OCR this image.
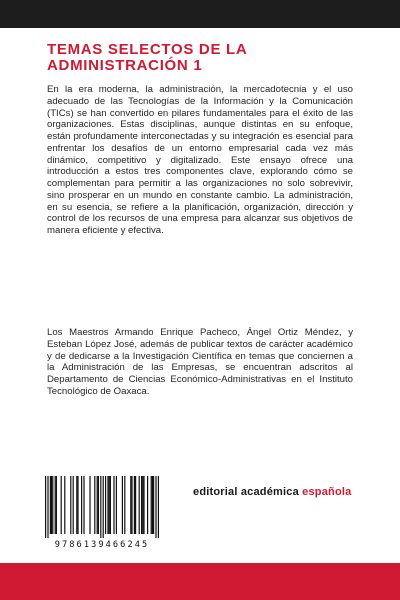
TEMAS SELECTOS DE LA
ADMINISTRACIÓN 1

En la era moderna, la administración, la mercadotecnia y el uso adecuado de las Tecnologías de la Información y la Comunicación (TICs) se han convertido en pilares fundamentales para el éxito de las organizaciones. Estas disciplinas, aunque distintas en su enfoque, están profundamente interconectadas y su integración es esencial para enfrentar los desafíos de un entorno empresarial cada vez más dinámico, competitivo y digitalizado. Este ensayo ofrece una introducción a estos tres componentes clave, explorando cómo se complementan para permitir a las organizaciones no solo sobrevivir, sino prosperar en un mundo en constante cambio. La administración, en su esencia, se refiere a la planificación, organización, dirección y control de los recursos de una empresa para alcanzar sus objetivos de manera eficiente y efectiva.

Los Maestros Armando Enrique Pacheco, Ángel Ortiz Méndez, y Esteban López José, además de publicar textos de carácter académico y de dedicarse a la Investigación Científica en temas que conciernen a la Administración de las Empresas, se encuentran adscritos al Departamento de Ciencias Económico-Administrativas en el Instituto Tecnológico de Oaxaca.

9786139466245
editorial académica española
